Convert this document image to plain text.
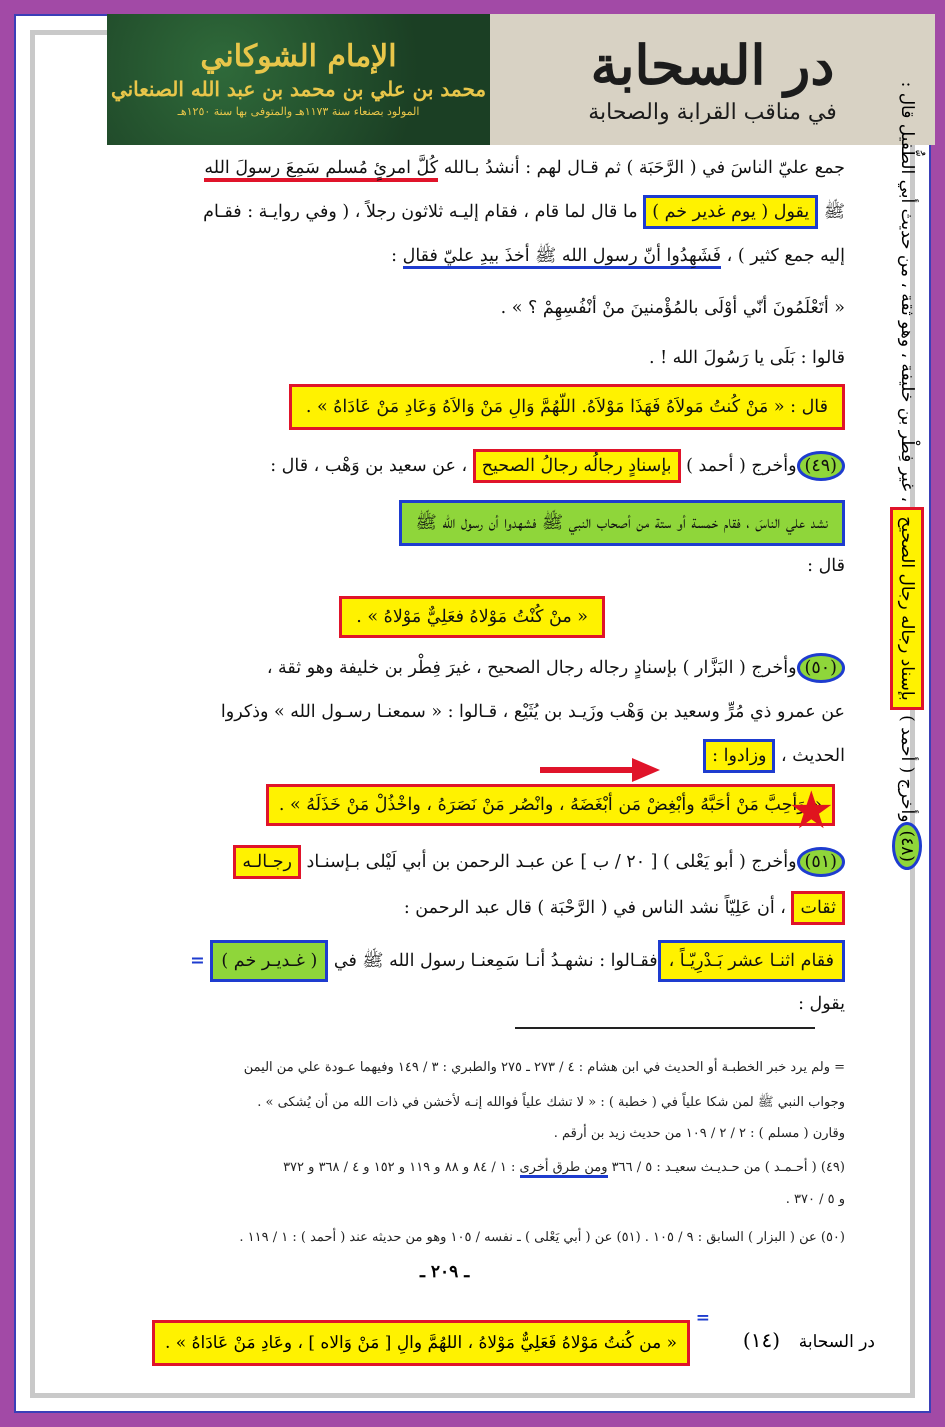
الإمام الشوكاني
محمد بن علي بن محمد بن عبد الله الصنعاني
المولود بصنعاء سنة ١١٧٣هـ والمتوفى بها سنة ١٢٥٠هـ
در السحابة
في مناقب القرابة والصحابة
جمع عليّ الناسَ في ( الرَّحَبَة ) ثم قـال لهم : أنشدُ بـالله كُلَّ امرئٍ مُسلم سَمِعَ رسولَ الله
ﷺ يقول ( يوم غدير خم ) ما قال لما قام ، فقام إليـه ثلاثون رجلاً ، ( وفي روايـة : فقـام
إليه جمع كثير ) ، فَشَهِدُوا أنّ رسول الله ﷺ أخذَ بيدِ عليّ فقال :
« أتَعْلَمُونَ أنّي أوْلَى بالمُؤْمنينَ منْ أنْفُسِهِمْ ؟ » .
قالوا : بَلَى يا رَسُولَ الله ! .
قال : « مَنْ كُنتُ مَولاَهُ فَهَذَا مَوْلاَهُ. اللّهُمَّ وَالِ مَنْ وَالاَهُ وَعَادِ مَنْ عَادَاهُ » .
(٤٩)وأخرج ( أحمد ) بإسنادٍ رجالُه رجالُ الصحيح ، عن سعيد بن وَهْب ، قال :
نشد علي الناسَ ، فقام خمسة أو ستة من أصحاب النبي ﷺ فشهدوا أن رسول الله ﷺ
قال :
« منْ كُنْتُ مَوْلاهُ فعَلِيٌّ مَوْلاهُ » .
(٥٠)وأخرج ( البَزَّار ) بإسنادٍ رجاله رجال الصحيح ، غيرَ فِطْر بن خليفة وهو ثقة ،
عن عمرو ذي مُرٍّ وسعيد بن وَهْب وزَيـد بن يُثَيْع ، قـالوا : « سمعنـا رسـول الله » وذكروا
الحديث ، وزادوا :
« وَأحِبَّ مَنْ أحَبَّهُ وأبْغِضْ مَن أبْغَضَهُ ، وانْصُر مَنْ نَصَرَهُ ، واخْذُلْ مَنْ خَذَلَهُ » .
(٥١)وأخرج ( أبو يَعْلى ) [ ٢٠ / ب ] عن عبـد الرحمن بن أبي لَيْلى بـإسنـاد رجـالـه
ثقات ، أن عَلِيّاً نشد الناس في ( الرَّحْبَة ) قال عبد الرحمن :
فقام اثنـا عشر بَـدْرِيّـاً ،فقـالوا : نشهـدُ أنـا سَمِعنـا رسول الله ﷺ في ( غـديـر خم ) =
يقول :
★	(٤٨)وأخرج ( أحمد ) بإسناد رجاله رجال الصحيح ، غير فِطْر بن خليفة ، وهو ثقة ، من حديث أبي الطُّفيل قال :
= ولم يرد خبر الخطبـة أو الحديث في ابن هشام : ٤ / ٢٧٣ ـ ٢٧٥ والطبري : ٣ / ١٤٩ وفيهما عـودة علي من اليمن
وجواب النبي ﷺ لمن شكا علياً في ( خطبة ) : « لا تشك علياً فوالله إنـه لأخشن في ذات الله من أن يُشكى » .
وقارن ( مسلم ) : ٢ / ٢ / ١٠٩ من حديث زيد بن أرقم .
(٤٩) ( أحـمـد ) من حـديـث سعيـد : ٥ / ٣٦٦ ومن طرق أخرى : ١ / ٨٤ و ٨٨ و ١١٩ و ١٥٢ و ٤ / ٣٦٨ و ٣٧٢
و ٥ / ٣٧٠ .
(٥٠) عن ( البزار ) السابق : ٩ / ١٠٥ . (٥١) عن ( أبي يَعْلى ) ـ نفسه / ١٠٥ وهو من حديثه عند ( أحمد ) : ١ / ١١٩ .
ـ ٢٠٩ ـ
در السحابة
(١٤)
=
« من كُنتُ مَوْلاهُ فَعَلِيٌّ مَوْلاهُ ، اللهُمَّ والِ [ مَنْ وَالاه ] ، وعَادِ مَنْ عَادَاهُ » .
